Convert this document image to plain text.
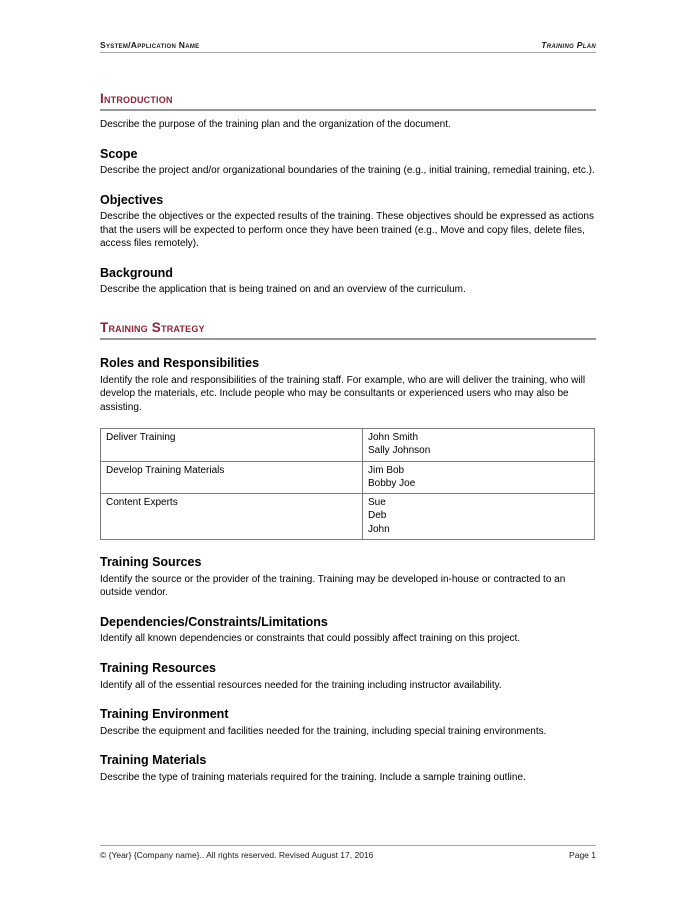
System/Application Name	Training Plan
Introduction

Describe the purpose of the training plan and the organization of the document.

Scope

Describe the project and/or organizational boundaries of the training (e.g., initial training, remedial training, etc.).

Objectives

Describe the objectives or the expected results of the training. These objectives should be expressed as actions that the users will be expected to perform once they have been trained (e.g., Move and copy files, delete files, access files remotely).

Background

Describe the application that is being trained on and an overview of the curriculum.

Training Strategy
Roles and Responsibilities

Identify the role and responsibilities of the training staff. For example, who are will deliver the training, who will develop the materials, etc. Include people who may be consultants or experienced users who may also be assisting.

Deliver Training	John Smith
Sally Johnson

Develop Training Materials	Jim Bob
Bobby Joe

Content Experts	Sue
Deb
John
Training Sources

Identify the source or the provider of the training. Training may be developed in-house or contracted to an outside vendor.

Dependencies/Constraints/Limitations

Identify all known dependencies or constraints that could possibly affect training on this project.

Training Resources

Identify all of the essential resources needed for the training including instructor availability.

Training Environment

Describe the equipment and facilities needed for the training, including special training environments.

Training Materials

Describe the type of training materials required for the training. Include a sample training outline.

© {Year} {Company name}.. All rights reserved. Revised August 17, 2016	Page 1
